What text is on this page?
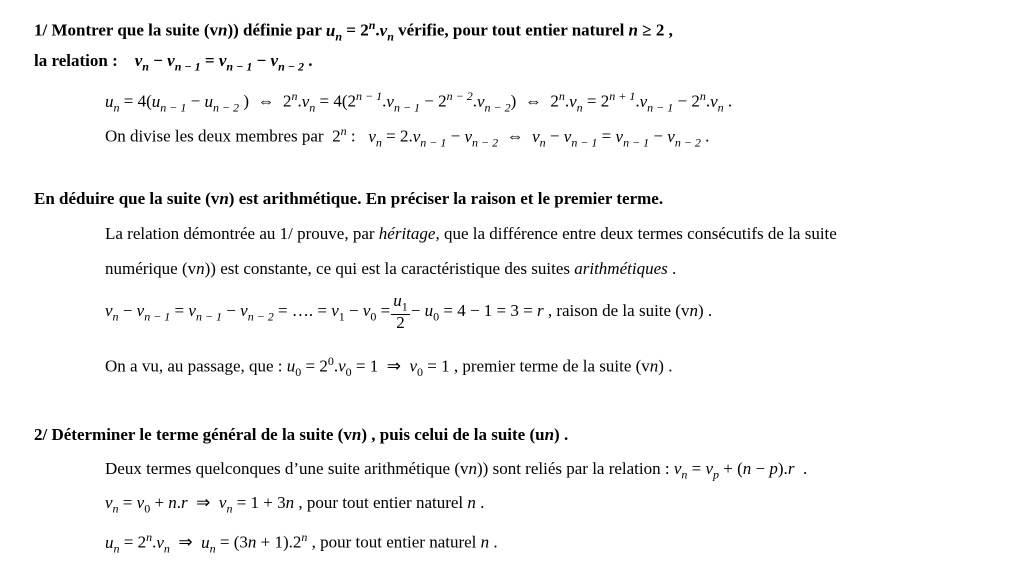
1/ Montrer que la suite (vn)) définie par $u_n = 2^n.v_n$ vérifie, pour tout entier naturel n ≥ 2 ,
la relation : $v_n - v_{n - 1} = v_{n - 1} - v_{n - 2}$ .
$u_n = 4(u_{n - 1} - u_{n - 2}$ )  ⇔  $2^n.v_n = 4(2^{n - 1}.v_{n - 1} - 2^{n - 2}.v_{n - 2})$  ⇔  $2^n.v_n = 2^{n + 1}.v_{n - 1} - 2^n.v_n$ .
On divise les deux membres par  2$^n$ :   $v_n = 2.v_{n - 1} - v_{n - 2}$  ⇔  $v_n - v_{n - 1} = v_{n - 1} - v_{n - 2}$ .
En déduire que la suite (vn) est arithmétique. En préciser la raison et le premier terme.
La relation démontrée au 1/ prouve, par héritage, que la différence entre deux termes consécutifs de la suite
numérique (vn)) est constante, ce qui est la caractéristique des suites arithmétiques .
$v_n - v_{n - 1} = v_{n - 1} - v_{n - 2}$ = …. = $v_1 - v_0 = \frac{u_1}{2} - u_0 = 4 - 1 = 3 = r$ , raison de la suite (vn) .
On a vu, au passage, que : $u_0 = 2^0.v_0 = 1$  ⇒  $v_0 = 1$ , premier terme de la suite (vn) .
2/ Déterminer le terme général de la suite (vn) , puis celui de la suite (un) .
Deux termes quelconques d’une suite arithmétique (vn)) sont reliés par la relation : $v_n = v_p + (n - p).r$  .
$v_n = v_0 + n.r$  ⇒  $v_n = 1 + 3n$ , pour tout entier naturel n .
$u_n = 2^n.v_n$  ⇒  $u_n = (3n + 1).2^n$ , pour tout entier naturel n .
